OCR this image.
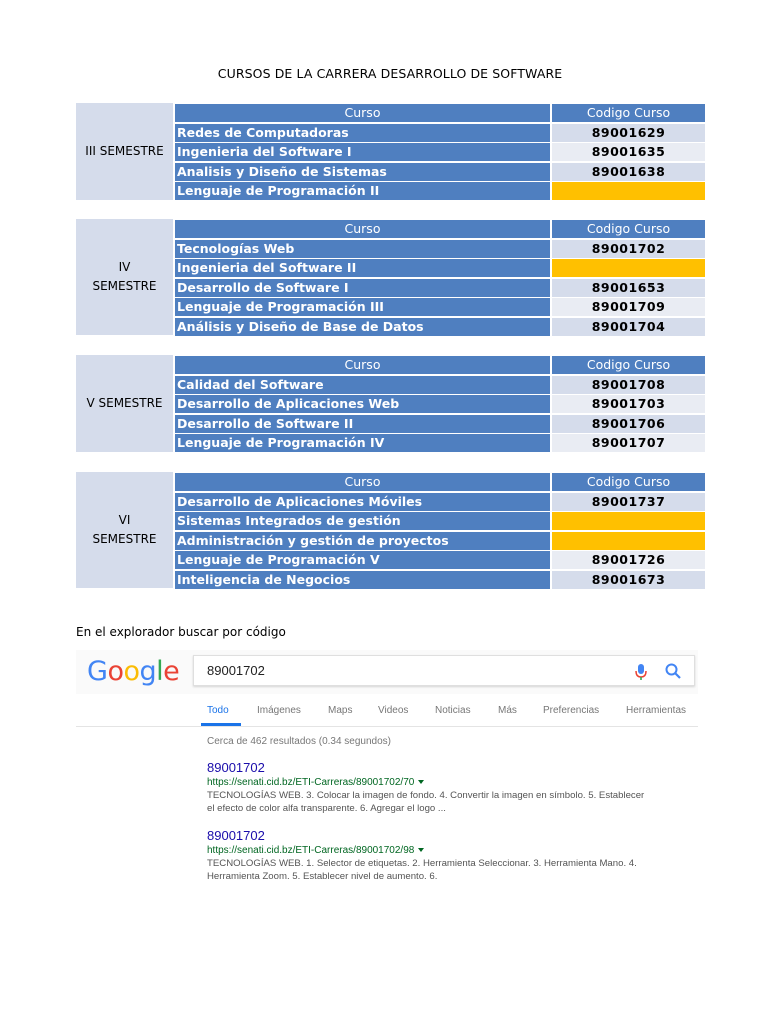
CURSOS DE LA CARRERA DESARROLLO DE SOFTWARE
III SEMESTRE
Curso	Codigo Curso
Redes de Computadoras	89001629
Ingenieria del Software I	89001635
Analisis y Diseño de Sistemas	89001638
Lenguaje de Programación II
IV
SEMESTRE
Curso	Codigo Curso
Tecnologías Web	89001702
Ingenieria del Software II
Desarrollo de Software I	89001653
Lenguaje de Programación III	89001709
Análisis y Diseño de Base de Datos	89001704
V SEMESTRE
Curso	Codigo Curso
Calidad del Software	89001708
Desarrollo de Aplicaciones Web	89001703
Desarrollo de Software II	89001706
Lenguaje de Programación IV	89001707
VI
SEMESTRE
Curso	Codigo Curso
Desarrollo de Aplicaciones Móviles	89001737
Sistemas Integrados de gestión
Administración y gestión de proyectos
Lenguaje de Programación V	89001726
Inteligencia de Negocios	89001673
En el explorador buscar por código
Google 89001702
Todo	Imágenes	Maps	Videos	Noticias	Más	Preferencias	Herramientas
Cerca de 462 resultados (0.34 segundos)
89001702
https://senati.cid.bz/ETI-Carreras/89001702/70
TECNOLOGÍAS WEB. 3. Colocar la imagen de fondo. 4. Convertir la imagen en símbolo. 5. Establecer
el efecto de color alfa transparente. 6. Agregar el logo ...
89001702
https://senati.cid.bz/ETI-Carreras/89001702/98
TECNOLOGÍAS WEB. 1. Selector de etiquetas. 2. Herramienta Seleccionar. 3. Herramienta Mano. 4.
Herramienta Zoom. 5. Establecer nivel de aumento. 6.
